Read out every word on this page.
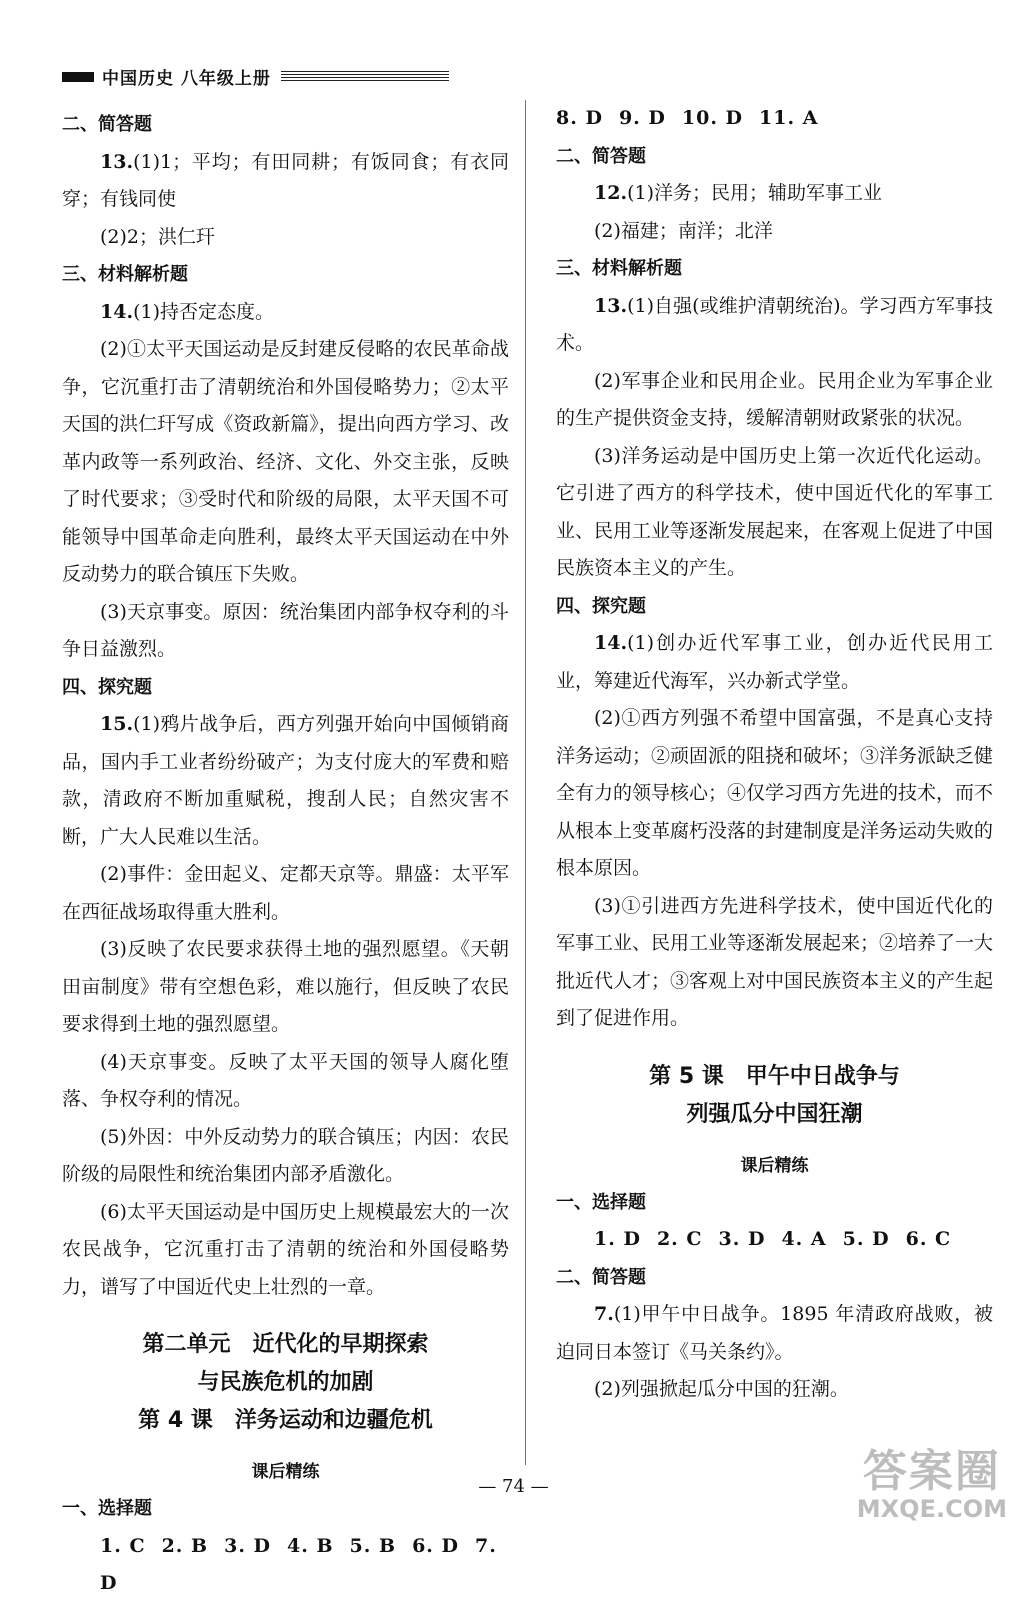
中国历史 八年级上册

二、简答题

13.(1)1；平均；有田同耕；有饭同食；有衣同穿；有钱同使

(2)2；洪仁玕

三、材料解析题

14.(1)持否定态度。

(2)①太平天国运动是反封建反侵略的农民革命战争，它沉重打击了清朝统治和外国侵略势力；②太平天国的洪仁玕写成《资政新篇》，提出向西方学习、改革内政等一系列政治、经济、文化、外交主张，反映了时代要求；③受时代和阶级的局限，太平天国不可能领导中国革命走向胜利，最终太平天国运动在中外反动势力的联合镇压下失败。

(3)天京事变。原因：统治集团内部争权夺利的斗争日益激烈。

四、探究题

15.(1)鸦片战争后，西方列强开始向中国倾销商品，国内手工业者纷纷破产；为支付庞大的军费和赔款，清政府不断加重赋税，搜刮人民；自然灾害不断，广大人民难以生活。

(2)事件：金田起义、定都天京等。鼎盛：太平军在西征战场取得重大胜利。

(3)反映了农民要求获得土地的强烈愿望。《天朝田亩制度》带有空想色彩，难以施行，但反映了农民要求得到土地的强烈愿望。

(4)天京事变。反映了太平天国的领导人腐化堕落、争权夺利的情况。

(5)外因：中外反动势力的联合镇压；内因：农民阶级的局限性和统治集团内部矛盾激化。

(6)太平天国运动是中国历史上规模最宏大的一次农民战争，它沉重打击了清朝的统治和外国侵略势力，谱写了中国近代史上壮烈的一章。

第二单元　近代化的早期探索

与民族危机的加剧

第 4 课　洋务运动和边疆危机

课后精练

一、选择题

1. C 2. B 3. D 4. B 5. B 6. D 7. D

8. D 9. D 10. D 11. A

二、简答题

12.(1)洋务；民用；辅助军事工业

(2)福建；南洋；北洋

三、材料解析题

13.(1)自强(或维护清朝统治)。学习西方军事技术。

(2)军事企业和民用企业。民用企业为军事企业的生产提供资金支持，缓解清朝财政紧张的状况。

(3)洋务运动是中国历史上第一次近代化运动。它引进了西方的科学技术，使中国近代化的军事工业、民用工业等逐渐发展起来，在客观上促进了中国民族资本主义的产生。

四、探究题

14.(1)创办近代军事工业，创办近代民用工业，筹建近代海军，兴办新式学堂。

(2)①西方列强不希望中国富强，不是真心支持洋务运动；②顽固派的阻挠和破坏；③洋务派缺乏健全有力的领导核心；④仅学习西方先进的技术，而不从根本上变革腐朽没落的封建制度是洋务运动失败的根本原因。

(3)①引进西方先进科学技术，使中国近代化的军事工业、民用工业等逐渐发展起来；②培养了一大批近代人才；③客观上对中国民族资本主义的产生起到了促进作用。

第 5 课　甲午中日战争与

列强瓜分中国狂潮

课后精练

一、选择题

1. D 2. C 3. D 4. A 5. D 6. C

二、简答题

7.(1)甲午中日战争。1895 年清政府战败，被迫同日本签订《马关条约》。

(2)列强掀起瓜分中国的狂潮。

— 74 —	答案圈
MXQE.COM
